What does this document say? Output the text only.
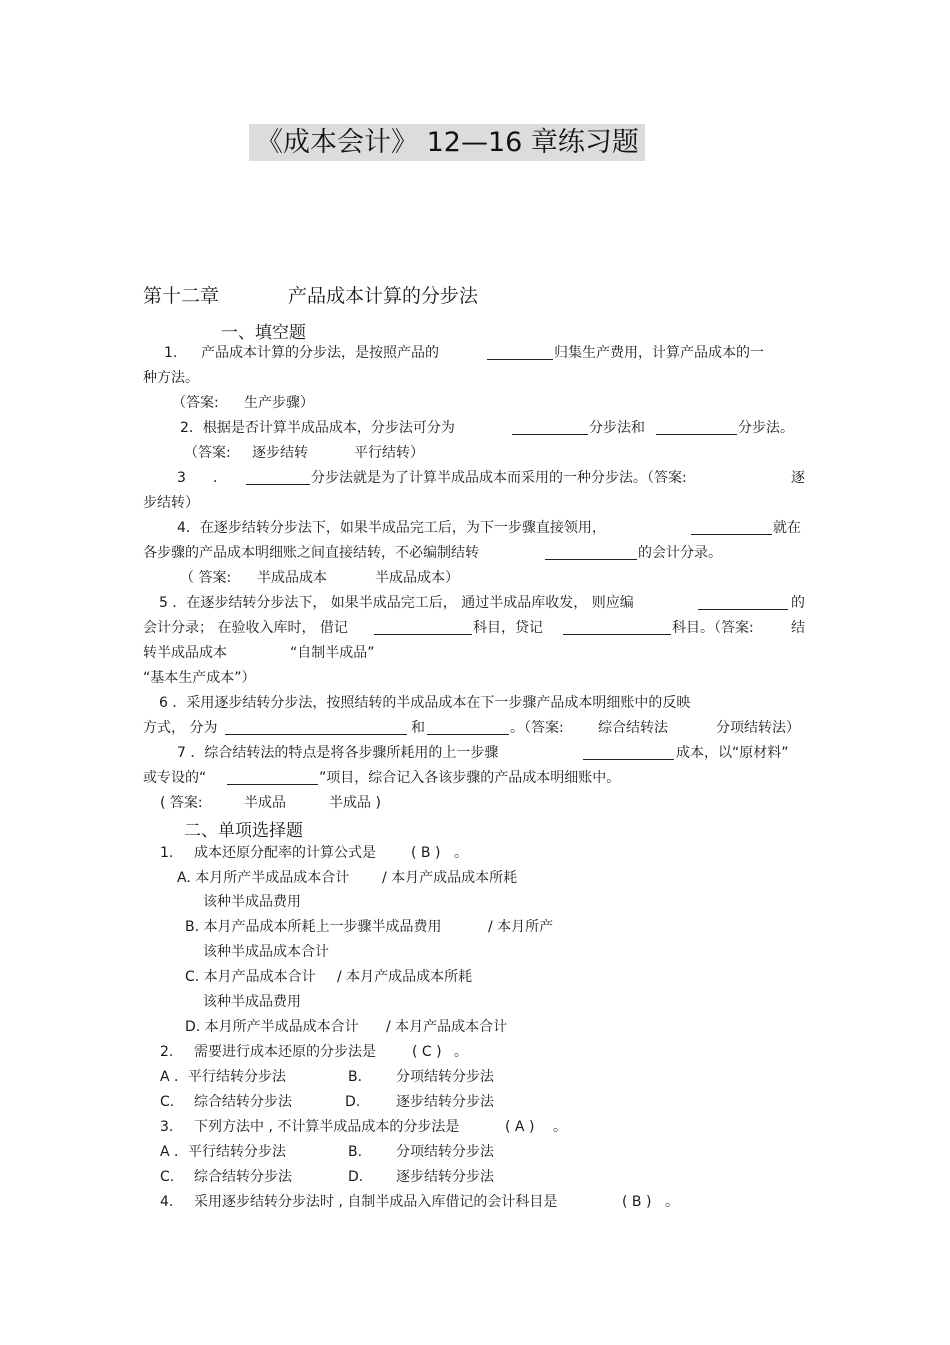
《成本会计》 12—16 章练习题
第十二章	产品成本计算的分步法
一、填空题
1. 产品成本计算的分步法，是按照产品的	归集生产费用，计算产品成本的一
种方法。
（答案: 生产步骤）
2．根据是否计算半成品成本，分步法可分为	分步法和	分步法。
（答案: 逐步结转	平行结转）
3 ．	分步法就是为了计算半成品成本而采用的一种分步法。（答案:	逐
步结转）
4．在逐步结转分步法下，如果半成品完工后，为下一步骤直接领用，	就在
各步骤的产品成本明细账之间直接结转，不必编制结转	的会计分录。
（ 答案: 半成品成本	半成品成本）
5 ．在逐步结转分步法下， 如果半成品完工后， 通过半成品库收发， 则应编	的
会计分录； 在验收入库时， 借记	科目，贷记	科目。（答案:	结
转半成品成本	“自制半成品”
“基本生产成本”）
6 ．采用逐步结转分步法，按照结转的半成品成本在下一步骤产品成本明细账中的反映
方式， 分为	和	。（答案: 综合结转法	分项结转法）
7 ．综合结转法的特点是将各步骤所耗用的上一步骤	成本，以“原材料”
或专设的“	”项目，综合记入各该步骤的产品成本明细账中。
( 答案:	半成品	半成品 )
二、单项选择题
1. 成本还原分配率的计算公式是	( B ) 。
A. 本月所产半成品成本合计 / 本月产成品成本所耗
该种半成品费用
B. 本月产品成本所耗上一步骤半成品费用	/ 本月所产
该种半成品成本合计
C. 本月产品成本合计 / 本月产成品成本所耗
该种半成品费用
D. 本月所产半成品成本合计 / 本月产品成本合计
2. 需要进行成本还原的分步法是	( C ) 。
A ．平行结转分步法	B. 分项结转分步法
C. 综合结转分步法	D.	逐步结转分步法
3. 下列方法中 , 不计算半成品成本的分步法是	( A ) 。
A ．平行结转分步法	B. 分项结转分步法
C. 综合结转分步法	D. 逐步结转分步法
4. 采用逐步结转分步法时 , 自制半成品入库借记的会计科目是	( B ) 。
